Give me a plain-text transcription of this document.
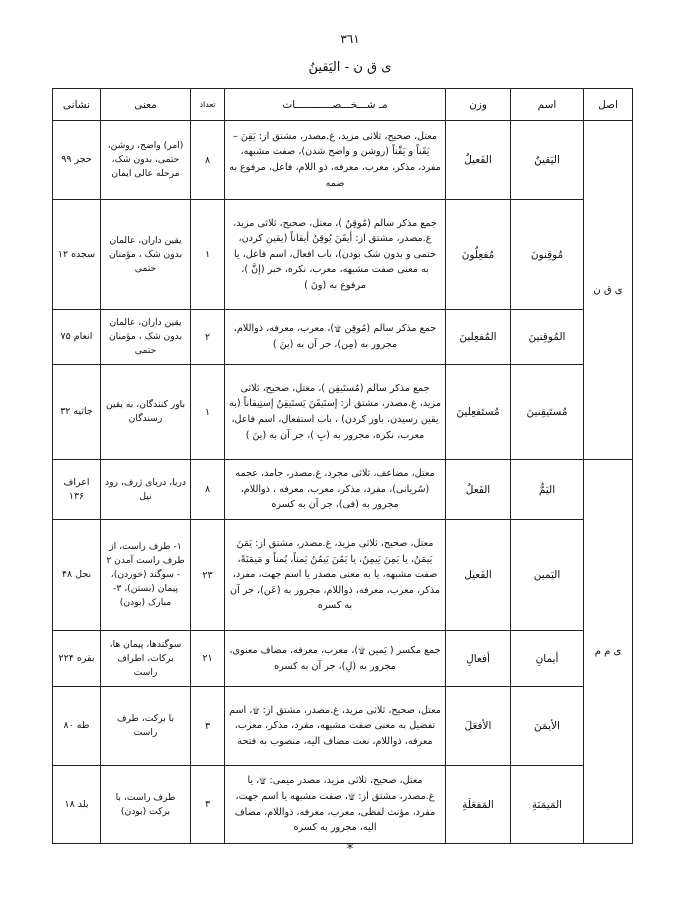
۳٦۱
ی ق ن - الیَقینُ
اصل	اسم	وزن	مـ شـــخـــصــــــــــــات	تعداد	معنی	نشانی
ی ق ن	الیَقینُ	الفَعیلُ	معتل، صحیح، ثلاثی مزید، غ.مصدر، مشتق از: یَقِنَ – یَقَناً و یَقْناً (روشن و واضح شدن)، صفت مشبهه، مفرد، مذکر، معرب، معرفه، ذو اللام، فاعل، مرفوع به ضمه	۸	(امر) واضح، روشن، حتمی، بدون شک، مرحله عالی ایمان	حجر ۹۹
	مُوقِنونَ	مُفعِلُونَ	جمع مذکر سالم (مُوقِنٌ )، معتل، صحیح، ثلاثی مزید، غ.مصدر، مشتق از: أیقَنَ یُوقِنُ أیقاناً (یقین کردن، حتمی و بدون شک بودن)، باب افعال، اسم فاعل، یا به معنی صفت مشبهه، معرب، نکره، خبر (إنَّ )، مرفوع به (ونَ )	۱	یقین داران، عالمان بدون شک ، مؤمنان حتمی	سجده ۱۲
	المُوقِنینَ	المُفعِلینَ	جمع مذکر سالم (مُوقِن ۩)، معرب، معرفه، ذواللام، مجرور به (مِن)، جر آن به (ینَ )	۲	یقین داران، عالمان بدون شک ، مؤمنان حتمی	انعام ۷۵
	مُستَیقِنینَ	مُستَفعِلینَ	جمع مذکر سالم (مُستَیقِن )، معتل، صحیح، ثلاثی مزید، غ.مصدر، مشتق از: إستَیقَنَ یَستَیقِنُ إستِیقاناً (به یقین رسیدن، باور کردن) ، باب استفعال، اسم فاعل، معرب، نکره، مجرور به (بِ )، جر آن به (ینَ )	۱	باور کنندگان، به یقین رسندگان	جاثیه ۳۲
ی م م	الیَمُّ	الفَعلُ	معتل، مضاعف، ثلاثی مجرد، غ.مصدر، جامد، عجمه (سُریانی)، مفرد، مذکر، معرب، معرفه ، ذواللام، مجرور به (فی)، جر آن به کسره	۸	دریا، دریای ژرف، رود نیل	اعراف ۱۳۶
	الیَمین	الفَعیل	معتل، صحیح، ثلاثی مزید، غ.مصدر، مشتق از: یَمَنَ یَیمَنُ، یا یَمِنَ یَیمِنُ، یا یَمُنَ یَیمُنُ یَمناً، یُمناً و مَیمَنَةً، صفت مشبهه، یا به معنی مصدر یا اسم جهت، مفرد، مذکر، معرب، معرفه، ذواللام، مجرور به (عَن)، جر آن به کسره	۲۳	۱- طرف راست، از طرف راست آمدن ۲ - سوگند (خوردن)، پیمان (بستن)، ۳- مبارک (بودن)	نحل ۴۸
	أیمانِ	أفعالِ	جمع مکسر ( یَمین ۩)، معرب، معرفه، مضاف معنوی، مجرور به (لِ)، جر آن به کسره	۲۱	سوگندها، پیمان ها، برکات، اطراف راست	بقره ۲۲۴
	الأیمَنَ	الأفعَلَ	معتل، صحیح، ثلاثی مزید، غ.مصدر، مشتق از: ۩، اسم تفضیل به معنی صفت مشبهه، مفرد، مذکر، معرب، معرفه، ذواللام، نعت مضاف الیه، منصوب به فتحه	۳	با برکت، طرف راست	طه ۸۰
	المَیمَنَةِ	المَفعَلَةِ	معتل، صحیح، ثلاثی مزید، مصدر میمی: ۩، یا غ.مصدر، مشتق از: ۩، صفت مشبهه یا اسم جهت، مفرد، مؤنث لفظی، معرب، معرفه، ذواللام، مضاف الیه، مجرور به کسره	۳	طرف راست، با برکت (بودن)	بلد ۱۸
*
